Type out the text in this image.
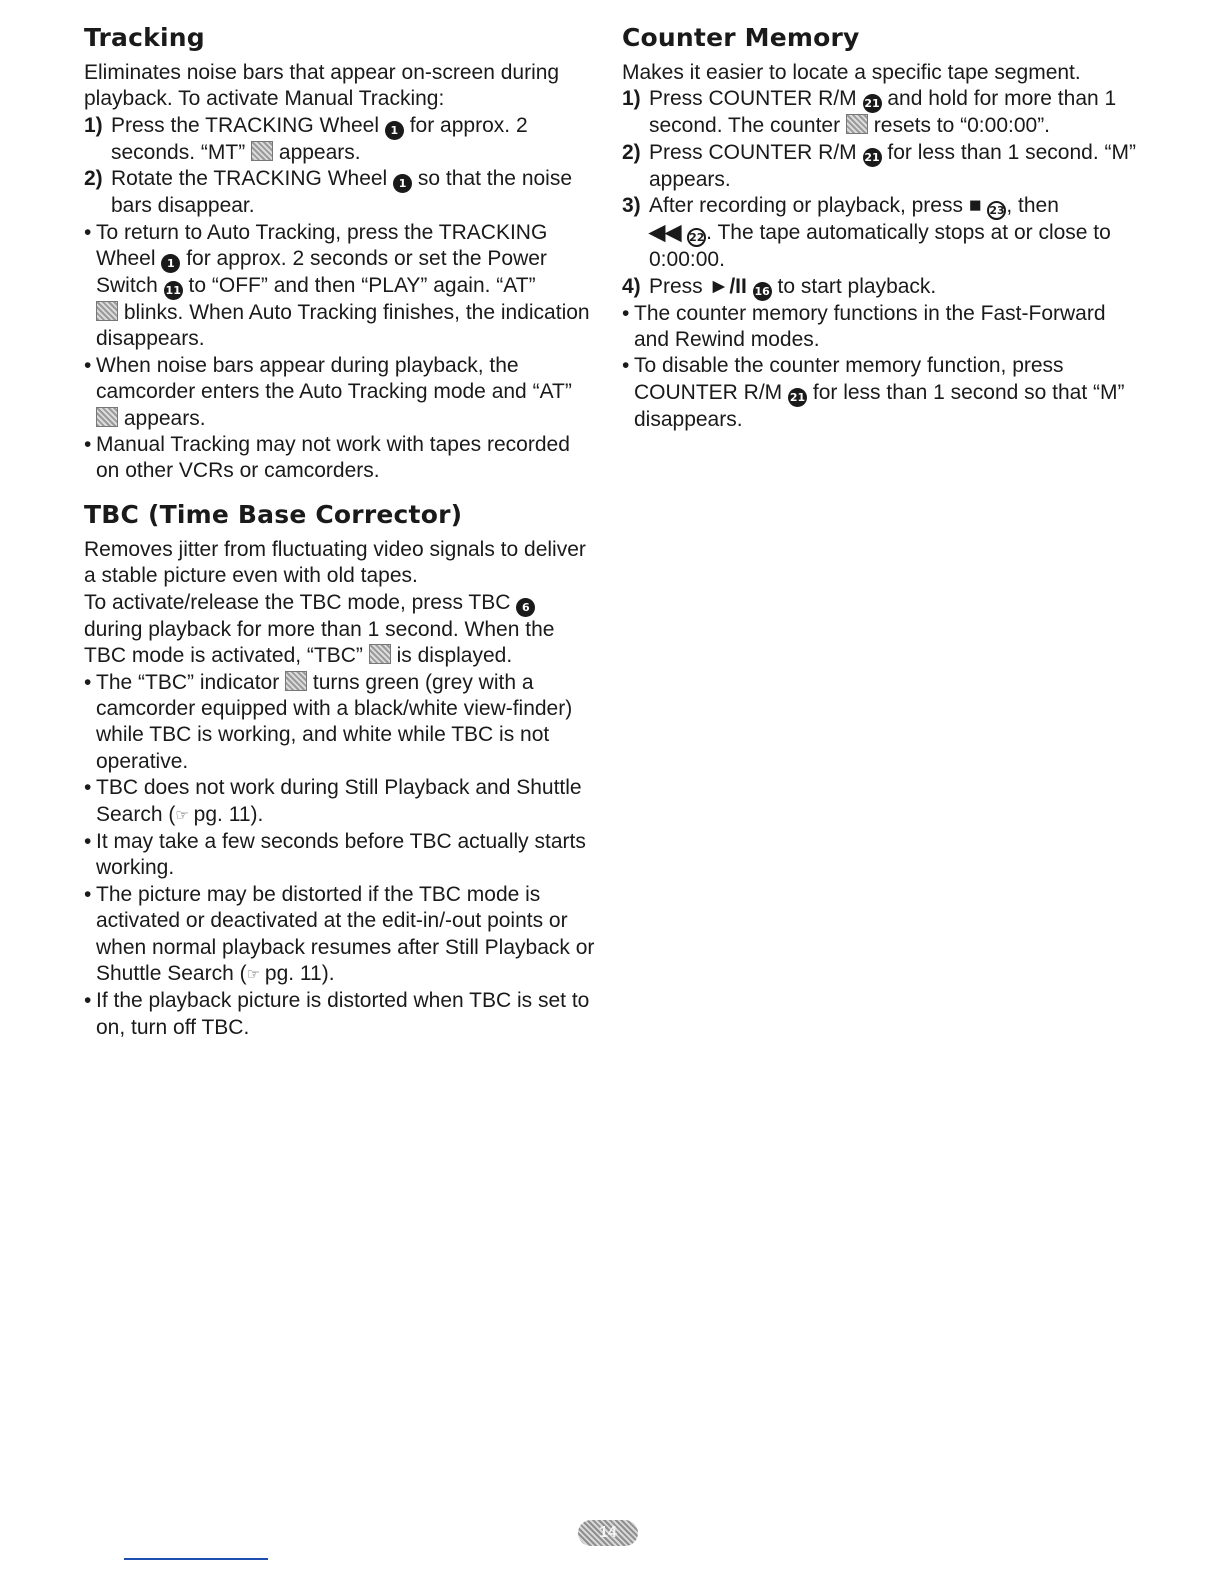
Tracking

Eliminates noise bars that appear on-screen during playback. To activate Manual Tracking:

1) Press the TRACKING Wheel 1 for approx. 2 seconds. “MT” appears.
2) Rotate the TRACKING Wheel 1 so that the noise bars disappear.
• To return to Auto Tracking, press the TRACKING Wheel 1 for approx. 2 seconds or set the Power Switch 11 to “OFF” and then “PLAY” again. “AT”
blinks. When Auto Tracking finishes, the indication disappears.
• When noise bars appear during playback, the camcorder enters the Auto Tracking mode and “AT”  appears.
• Manual Tracking may not work with tapes recorded on other VCRs or camcorders.
TBC (Time Base Corrector)

Removes jitter from fluctuating video signals to deliver a stable picture even with old tapes.

To activate/release the TBC mode, press TBC 6 during playback for more than 1 second. When the TBC mode is activated, “TBC” is displayed.

• The “TBC” indicator turns green (grey with a camcorder equipped with a black/white view-finder) while TBC is working, and white while TBC is not operative.
• TBC does not work during Still Playback and Shuttle Search (☞ pg. 11).
• It may take a few seconds before TBC actually starts working.
• The picture may be distorted if the TBC mode is activated or deactivated at the edit-in/-out points or when normal playback resumes after Still Playback or Shuttle Search (☞ pg. 11).
• If the playback picture is distorted when TBC is set to on, turn off TBC.
Counter Memory

Makes it easier to locate a specific tape segment.

1) Press COUNTER R/M 21 and hold for more than 1 second. The counter resets to “0:00:00”.
2) Press COUNTER R/M 21 for less than 1 second. “M” appears.
3) After recording or playback, press ■ 23, then
◀◀ 22. The tape automatically stops at or close to 0:00:00.
4) Press ►/II 16 to start playback.
• The counter memory functions in the Fast-Forward and Rewind modes.
• To disable the counter memory function, press COUNTER R/M 21 for less than 1 second so that “M” disappears.
14
